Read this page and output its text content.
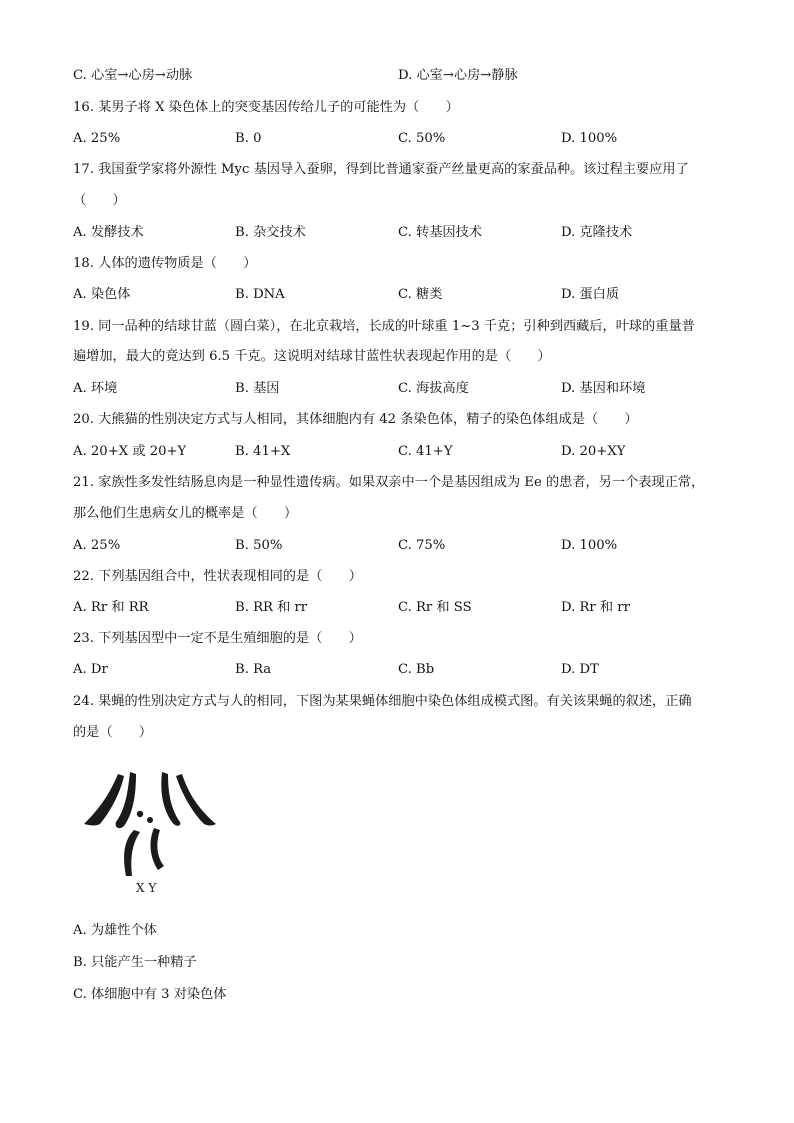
C. 心室→心房→动脉	D. 心室→心房→静脉
16. 某男子将 X 染色体上的突变基因传给儿子的可能性为（　　）
A. 25%	B. 0	C. 50%	D. 100%
17. 我国蚕学家将外源性 Myc 基因导入蚕卵，得到比普通家蚕产丝量更高的家蚕品种。该过程主要应用了
（　　）
A. 发酵技术	B. 杂交技术	C. 转基因技术	D. 克隆技术
18. 人体的遗传物质是（　　）
A. 染色体	B. DNA	C. 糖类	D. 蛋白质
19. 同一品种的结球甘蓝（圆白菜），在北京栽培，长成的叶球重 1~3 千克；引种到西藏后，叶球的重量普
遍增加，最大的竟达到 6.5 千克。这说明对结球甘蓝性状表现起作用的是（　　）
A. 环境	B. 基因	C. 海拔高度	D. 基因和环境
20. 大熊猫的性别决定方式与人相同，其体细胞内有 42 条染色体，精子的染色体组成是（　　）
A. 20+X 或 20+Y	B. 41+X	C. 41+Y	D. 20+XY
21. 家族性多发性结肠息肉是一种显性遗传病。如果双亲中一个是基因组成为 Ee 的患者，另一个表现正常，
那么他们生患病女儿的概率是（　　）
A. 25%	B. 50%	C. 75%	D. 100%
22. 下列基因组合中，性状表现相同的是（　　）
A. Rr 和 RR	B. RR 和 rr	C. Rr 和 SS	D. Rr 和 rr
23. 下列基因型中一定不是生殖细胞的是（　　）
A. Dr	B. Ra	C. Bb	D. DT
24. 果蝇的性别决定方式与人的相同，下图为某果蝇体细胞中染色体组成模式图。有关该果蝇的叙述，正确
的是（　　）
X Y
A. 为雄性个体
B. 只能产生一种精子
C. 体细胞中有 3 对染色体
